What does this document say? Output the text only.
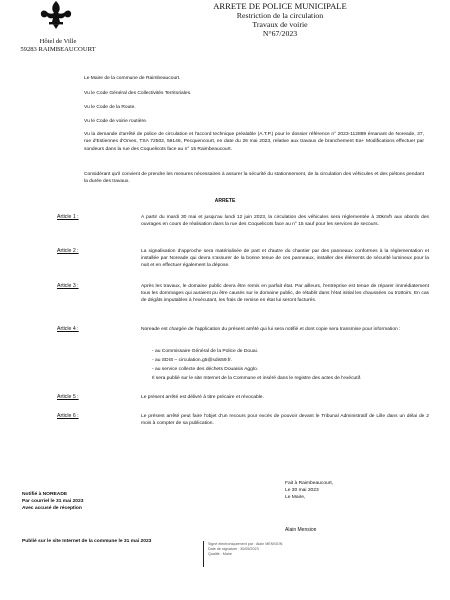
Hôtel de Ville
59283 RAIMBEAUCOURT
ARRETE DE POLICE MUNICIPALE
Restriction de la circulation
Travaux de voirie
N°67/2023
Le Maire de la commune de Raimbeaucourt.
Vu le Code Général des Collectivités Territoriales.
Vu le Code de la Route.
Vu le Code de voirie routière.
Vu la demande d'arrêté de police de circulation et l'accord technique préalable (A.T.P.) pour le dossier référence n° 2023-112889 émanant de Noreade, 37, rue d'Estiennes d'Orves, TSA 72502, 59146, Pecquencourt, en date du 26 mai 2023, relative aux travaux de branchement Ea+ Modifications effectuer par sondeurs dans la rue des Coquelicots face au n° 15 Raimbeaucourt.
Considérant qu'il convient de prendre les mesures nécessaires à assurer la sécurité du stationnement, de la circulation des véhicules et des piétons pendant la durée des travaux.
ARRETE
Article 1 :	A partir du mardi 30 mai et jusqu'au lundi 12 juin 2023, la circulation des véhicules sera réglementée à 30km/h aux abords des ouvrages en cours de réalisation dans la rue des Coquelicots face au n° 15 sauf pour les services de secours.
Article 2 :	La signalisation d'approche sera matérialisée de part et d'autre du chantier par des panneaux conformes à la réglementation et installée par Noreade qui devra s'assurer de la bonne tenue de ces panneaux, installer des éléments de sécurité lumineux pour la nuit et en effectuer également la dépose.
Article 3 :	Après les travaux, le domaine public devra être remis en parfait état. Par ailleurs, l'entreprise est tenue de réparer immédiatement tous les dommages qui auraient pu être causés sur le domaine public, de rétablir dans l'état initial les chaussées ou trottoirs. En cas de dégâts imputables à l'exécutant, les frais de remise en état lui seront facturés.
Article 4 :	Noreade est chargée de l'application du présent arrêté qui lui sera notifié et dont copie sera transmise pour information :
- au Commissaire Général de la Police de Douai.
- au SDIS – circulation.g5@sdis59.fr.
- au service collecte des déchets Douaisis Agglo.
Il sera publié sur le site Internet de la Commune et inséré dans le registre des actes de l'exécutif.
Article 5 :	Le présent arrêté est délivré à titre précaire et révocable.
Article 6 :	Le présent arrêté peut faire l'objet d'un recours pour excès de pouvoir devant le Tribunal Administratif de Lille dans un délai de 2 mois à compter de sa publication.
Notifié à NOREADE
Par courriel le 31 mai 2023
Avec accusé de réception
Publié sur le site Internet de la commune le 31 mai 2023
Fait à Raimbeaucourt,
Le 30 mai 2023
Le Maire,
Alain Mension
Signé électroniquement par : Alain MENSION
Date de signature : 30/05/2023
Qualité : Maire
